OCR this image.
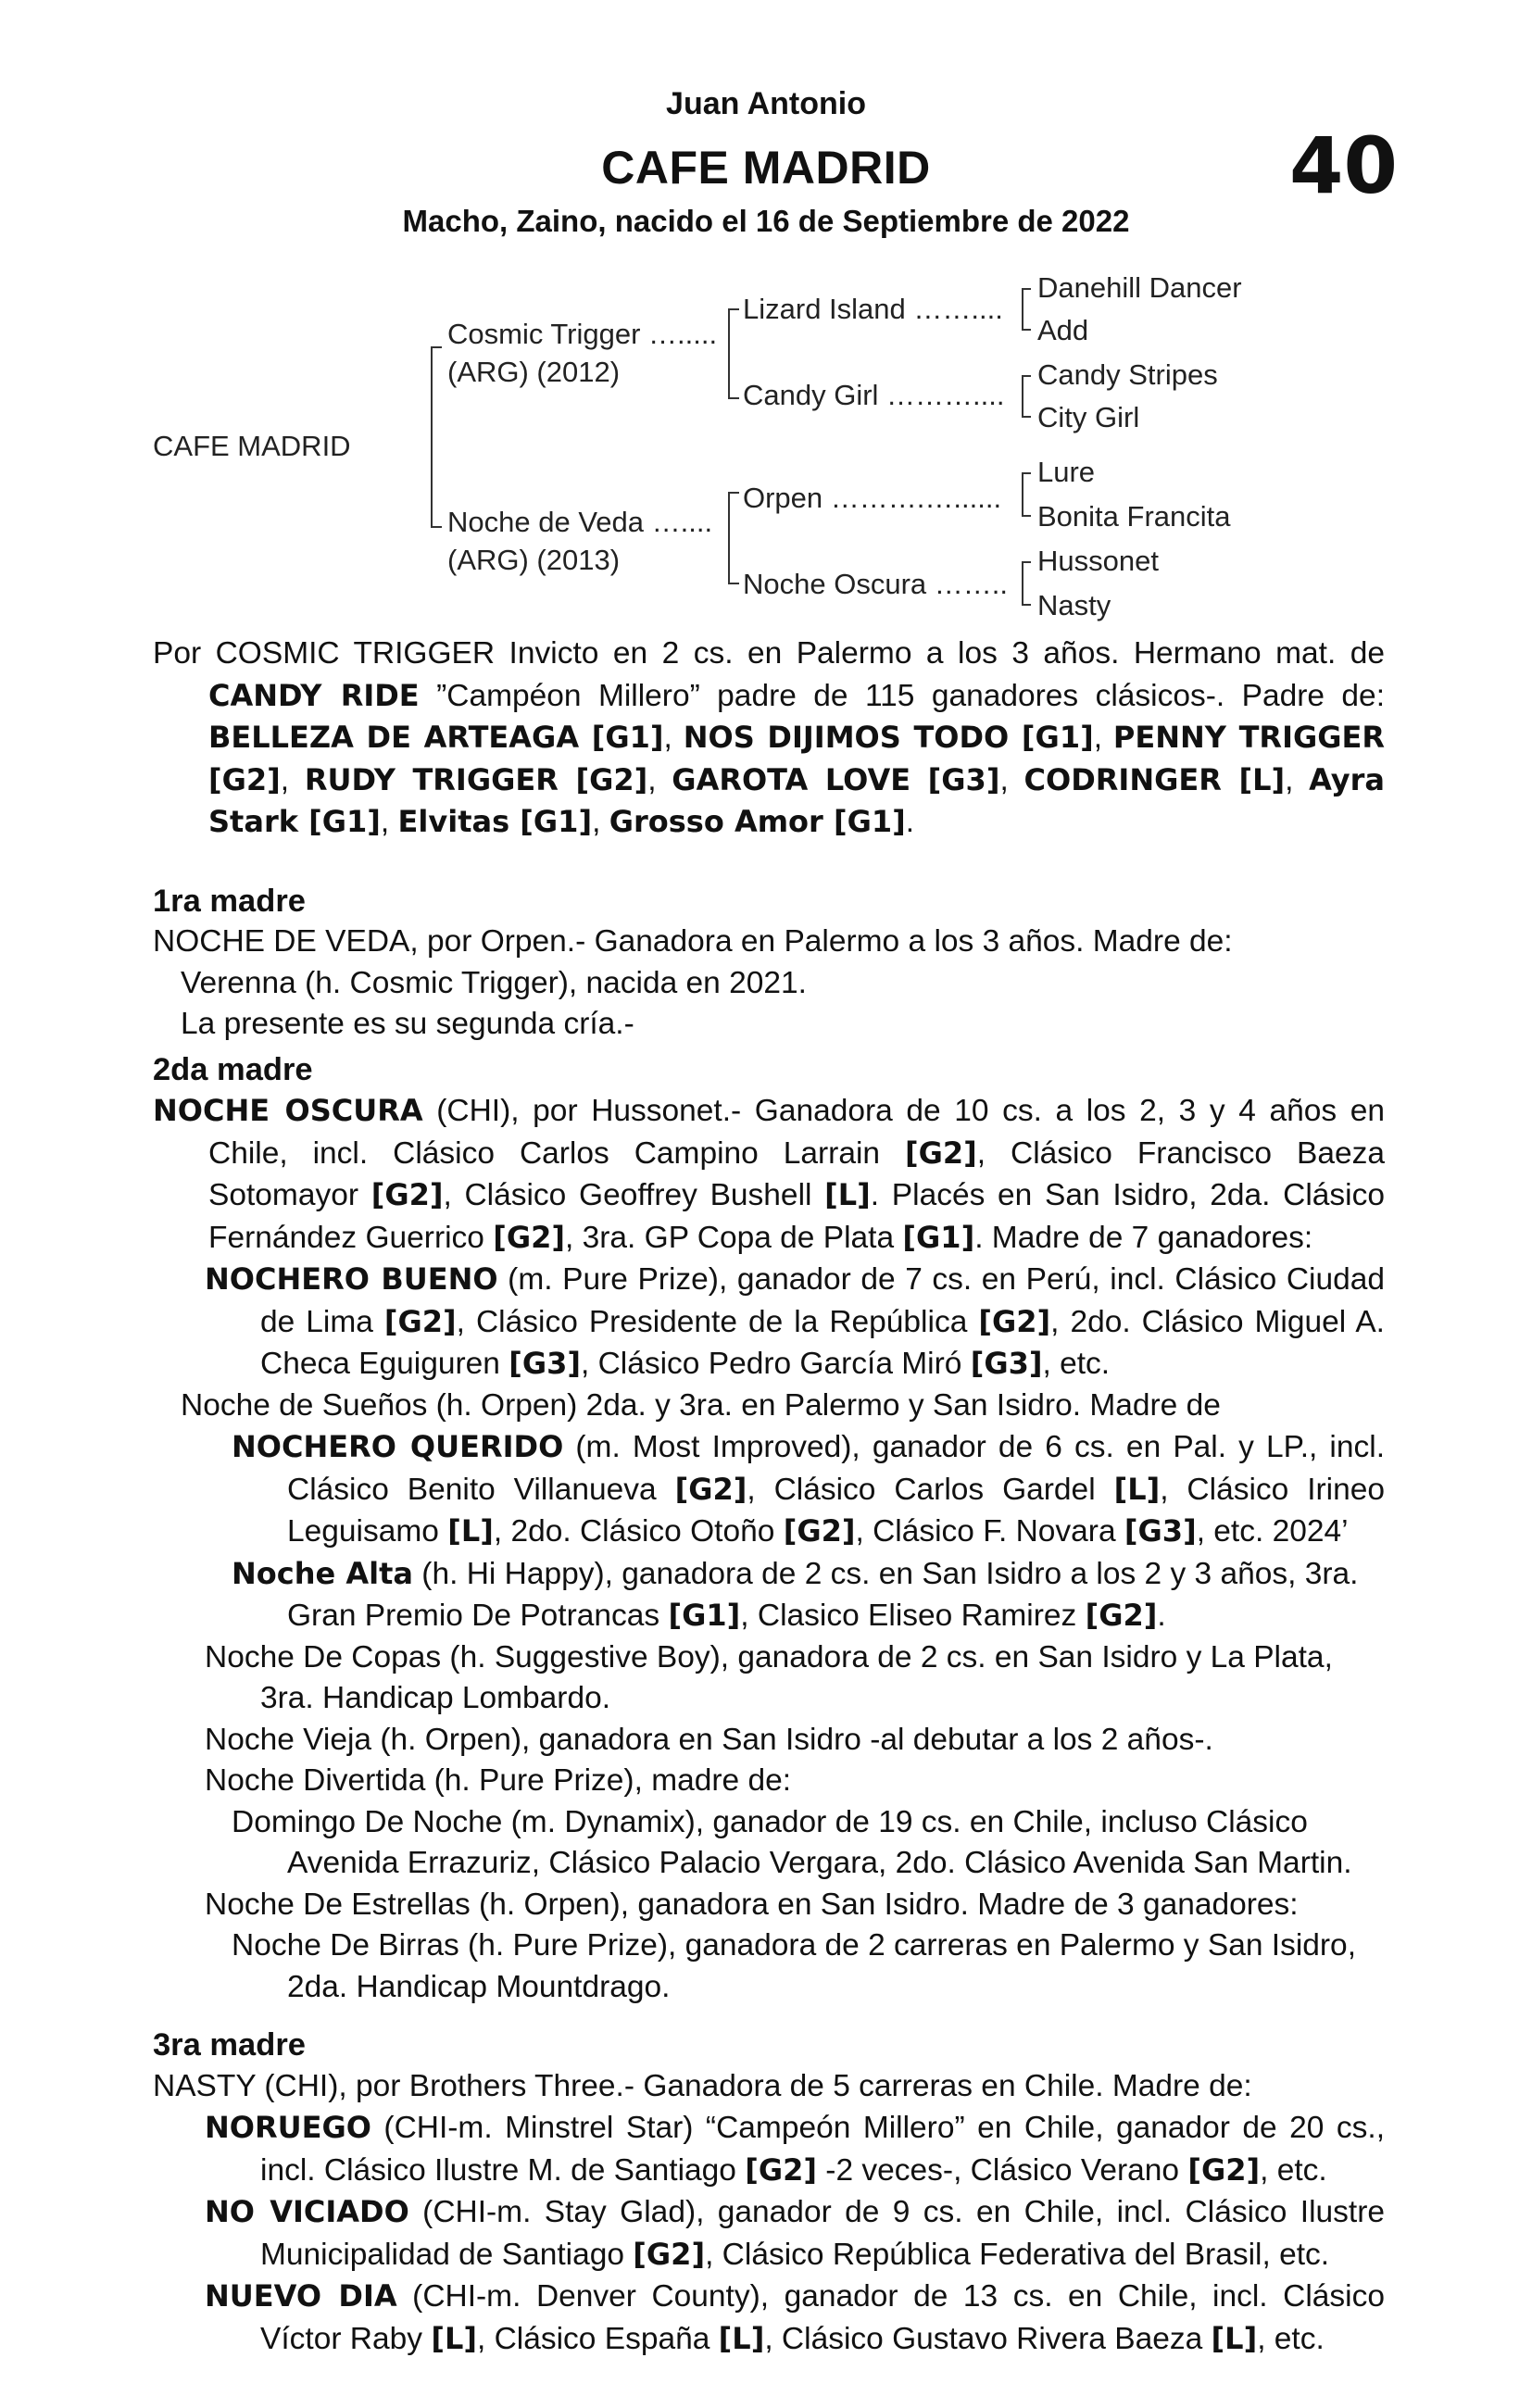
Juan Antonio
CAFE MADRID
Macho, Zaino, nacido el 16 de Septiembre de 2022
40
CAFE MADRID
Cosmic Trigger ….....
(ARG) (2012)
Noche de Veda …....
(ARG) (2013)
Lizard Island ……....
Candy Girl ………....
Orpen ……….…......
Noche Oscura ……..
Danehill Dancer
Add
Candy Stripes
City Girl
Lure
Bonita Francita
Hussonet
Nasty

Por COSMIC TRIGGER Invicto en 2 cs. en Palermo a los 3 años. Hermano mat. de CANDY RIDE ”Campéon Millero” padre de 115 ganadores clásicos-. Padre de: BELLEZA DE ARTEAGA [G1], NOS DIJIMOS TODO [G1], PENNY TRIGGER [G2], RUDY TRIGGER [G2], GAROTA LOVE [G3], CODRINGER [L], Ayra Stark [G1], Elvitas [G1], Grosso Amor [G1].

1ra madre

NOCHE DE VEDA, por Orpen.- Ganadora en Palermo a los 3 años. Madre de:

Verenna (h. Cosmic Trigger), nacida en 2021.

La presente es su segunda cría.-

2da madre

NOCHE OSCURA (CHI), por Hussonet.- Ganadora de 10 cs. a los 2, 3 y 4 años en Chile, incl. Clásico Carlos Campino Larrain [G2], Clásico Francisco Baeza Sotomayor [G2], Clásico Geoffrey Bushell [L]. Placés en San Isidro, 2da. Clásico Fernández Guerrico [G2], 3ra. GP Copa de Plata [G1]. Madre de 7 ganadores:

NOCHERO BUENO (m. Pure Prize), ganador de 7 cs. en Perú, incl. Clásico Ciudad de Lima [G2], Clásico Presidente de la República [G2], 2do. Clásico Miguel A. Checa Eguiguren [G3], Clásico Pedro García Miró [G3], etc.

Noche de Sueños (h. Orpen) 2da. y 3ra. en Palermo y San Isidro. Madre de

NOCHERO QUERIDO (m. Most Improved), ganador de 6 cs. en Pal. y LP., incl. Clásico Benito Villanueva [G2], Clásico Carlos Gardel [L], Clásico Irineo Leguisamo [L], 2do. Clásico Otoño [G2], Clásico F. Novara [G3], etc. 2024’

Noche Alta (h. Hi Happy), ganadora de 2 cs. en San Isidro a los 2 y 3 años, 3ra. Gran Premio De Potrancas [G1], Clasico Eliseo Ramirez [G2].

Noche De Copas (h. Suggestive Boy), ganadora de 2 cs. en San Isidro y La Plata, 3ra. Handicap Lombardo.

Noche Vieja (h. Orpen), ganadora en San Isidro -al debutar a los 2 años-.

Noche Divertida (h. Pure Prize), madre de:

Domingo De Noche (m. Dynamix), ganador de 19 cs. en Chile, incluso Clásico Avenida Errazuriz, Clásico Palacio Vergara, 2do. Clásico Avenida San Martin.

Noche De Estrellas (h. Orpen), ganadora en San Isidro. Madre de 3 ganadores:

Noche De Birras (h. Pure Prize), ganadora de 2 carreras en Palermo y San Isidro, 2da. Handicap Mountdrago.

3ra madre

NASTY (CHI), por Brothers Three.- Ganadora de 5 carreras en Chile. Madre de:

NORUEGO (CHI-m. Minstrel Star) “Campeón Millero” en Chile, ganador de 20 cs., incl. Clásico Ilustre M. de Santiago [G2] -2 veces-, Clásico Verano [G2], etc.

NO VICIADO (CHI-m. Stay Glad), ganador de 9 cs. en Chile, incl. Clásico Ilustre Municipalidad de Santiago [G2], Clásico República Federativa del Brasil, etc.

NUEVO DIA (CHI-m. Denver County), ganador de 13 cs. en Chile, incl. Clásico Víctor Raby [L], Clásico España [L], Clásico Gustavo Rivera Baeza [L], etc.
